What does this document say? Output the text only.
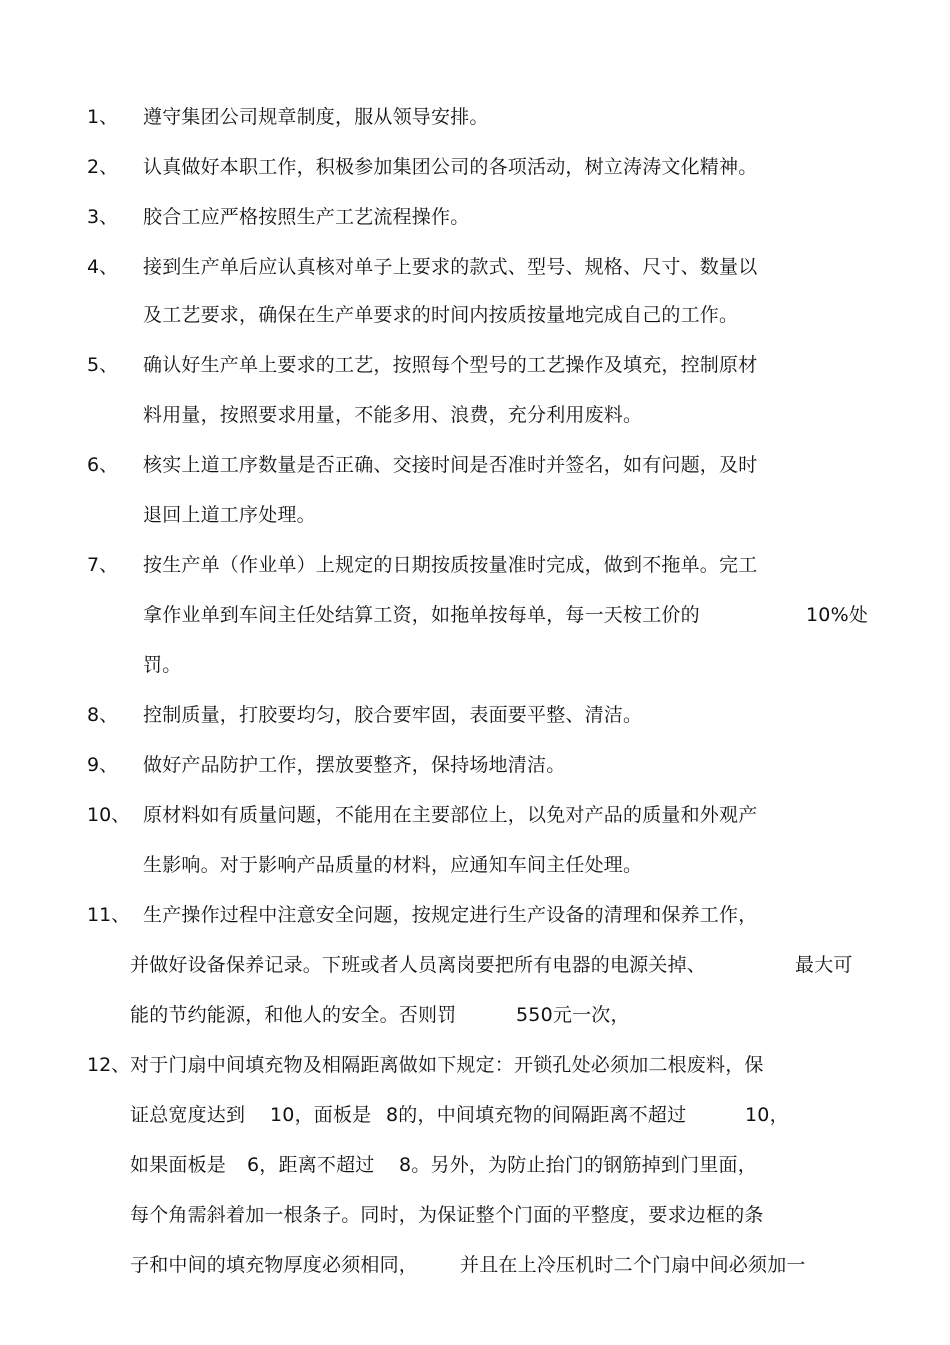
1、 遵守集团公司规章制度，服从领导安排。
2、 认真做好本职工作，积极参加集团公司的各项活动，树立涛涛文化精神。
3、 胶合工应严格按照生产工艺流程操作。
4、 接到生产单后应认真核对单子上要求的款式、型号、规格、尺寸、数量以
及工艺要求，确保在生产单要求的时间内按质按量地完成自己的工作。
5、 确认好生产单上要求的工艺，按照每个型号的工艺操作及填充，控制原材
料用量，按照要求用量，不能多用、浪费，充分利用废料。
6、 核实上道工序数量是否正确、交接时间是否准时并签名，如有问题，及时
退回上道工序处理。
7、 按生产单（作业单）上规定的日期按质按量准时完成，做到不拖单。完工
拿作业单到车间主任处结算工资，如拖单按每单，每一天桉工价的	10%处
罚。
8、 控制质量，打胶要均匀，胶合要牢固，表面要平整、清洁。
9、 做好产品防护工作，摆放要整齐，保持场地清洁。
10、 原材料如有质量问题，不能用在主要部位上，以免对产品的质量和外观产
生影响。对于影响产品质量的材料，应通知车间主任处理。
11、 生产操作过程中注意安全问题，按规定进行生产设备的清理和保养工作，
并做好设备保养记录。下班或者人员离岗要把所有电器的电源关掉、	最大可
能的节约能源，和他人的安全。否则罚	550元一次，
12、 对于门扇中间填充物及相隔距离做如下规定：开锁孔处必须加二根废料，保
证总宽度达到 10，面板是 8的，中间填充物的间隔距离不超过	10，
如果面板是 6，距离不超过 8。另外，为防止抬门的钢筋掉到门里面，
每个角需斜着加一根条子。同时，为保证整个门面的平整度，要求边框的条
子和中间的填充物厚度必须相同， 并且在上冷压机时二个门扇中间必须加一
